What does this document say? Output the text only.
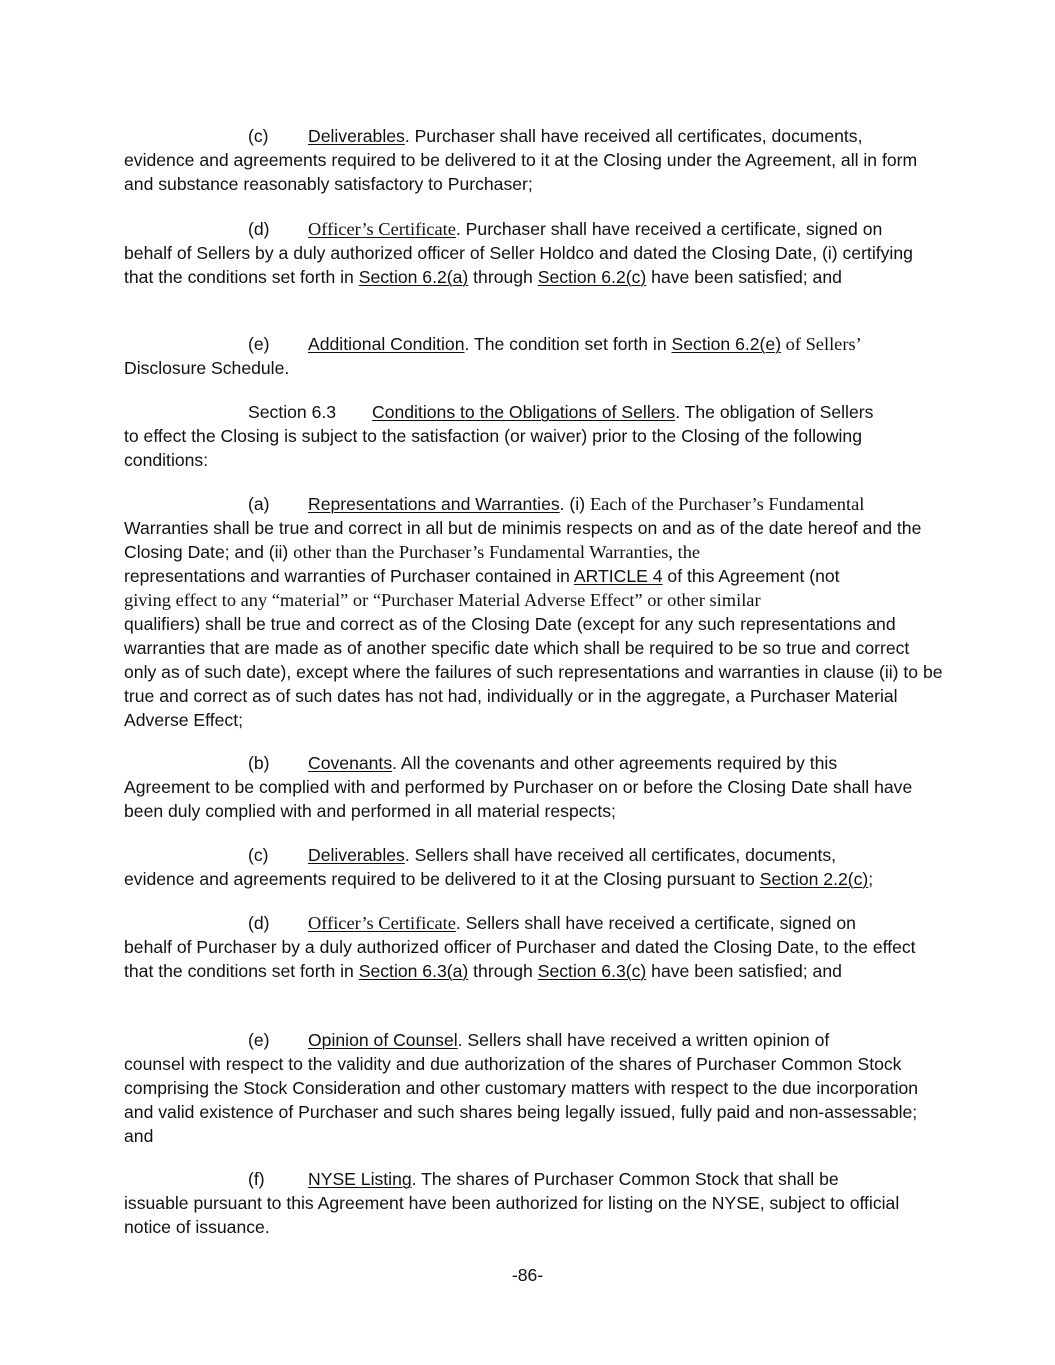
(c) Deliverables. Purchaser shall have received all certificates, documents,
evidence and agreements required to be delivered to it at the Closing under the Agreement, all in form and substance reasonably satisfactory to Purchaser;

(d) Officer’s Certificate. Purchaser shall have received a certificate, signed on
behalf of Sellers by a duly authorized officer of Seller Holdco and dated the Closing Date, (i) certifying that the conditions set forth in Section 6.2(a) through Section 6.2(c) have been satisfied; and

(e) Additional Condition. The condition set forth in Section 6.2(e) of Sellers’
Disclosure Schedule.

Section 6.3 Conditions to the Obligations of Sellers. The obligation of Sellers
to effect the Closing is subject to the satisfaction (or waiver) prior to the Closing of the following conditions:

(a) Representations and Warranties. (i) Each of the Purchaser’s Fundamental
Warranties shall be true and correct in all but de minimis respects on and as of the date hereof and the Closing Date; and (ii) other than the Purchaser’s Fundamental Warranties, the
representations and warranties of Purchaser contained in ARTICLE 4 of this Agreement (not
giving effect to any “material” or “Purchaser Material Adverse Effect” or other similar
qualifiers) shall be true and correct as of the Closing Date (except for any such representations and warranties that are made as of another specific date which shall be required to be so true and correct only as of such date), except where the failures of such representations and warranties in clause (ii) to be true and correct as of such dates has not had, individually or in the aggregate, a Purchaser Material Adverse Effect;

(b) Covenants. All the covenants and other agreements required by this
Agreement to be complied with and performed by Purchaser on or before the Closing Date shall have been duly complied with and performed in all material respects;

(c) Deliverables. Sellers shall have received all certificates, documents,
evidence and agreements required to be delivered to it at the Closing pursuant to Section 2.2(c);

(d) Officer’s Certificate. Sellers shall have received a certificate, signed on
behalf of Purchaser by a duly authorized officer of Purchaser and dated the Closing Date, to the effect that the conditions set forth in Section 6.3(a) through Section 6.3(c) have been satisfied; and

(e) Opinion of Counsel. Sellers shall have received a written opinion of
counsel with respect to the validity and due authorization of the shares of Purchaser Common Stock comprising the Stock Consideration and other customary matters with respect to the due incorporation and valid existence of Purchaser and such shares being legally issued, fully paid and non-assessable; and

(f) NYSE Listing. The shares of Purchaser Common Stock that shall be
issuable pursuant to this Agreement have been authorized for listing on the NYSE, subject to official notice of issuance.

-86-
